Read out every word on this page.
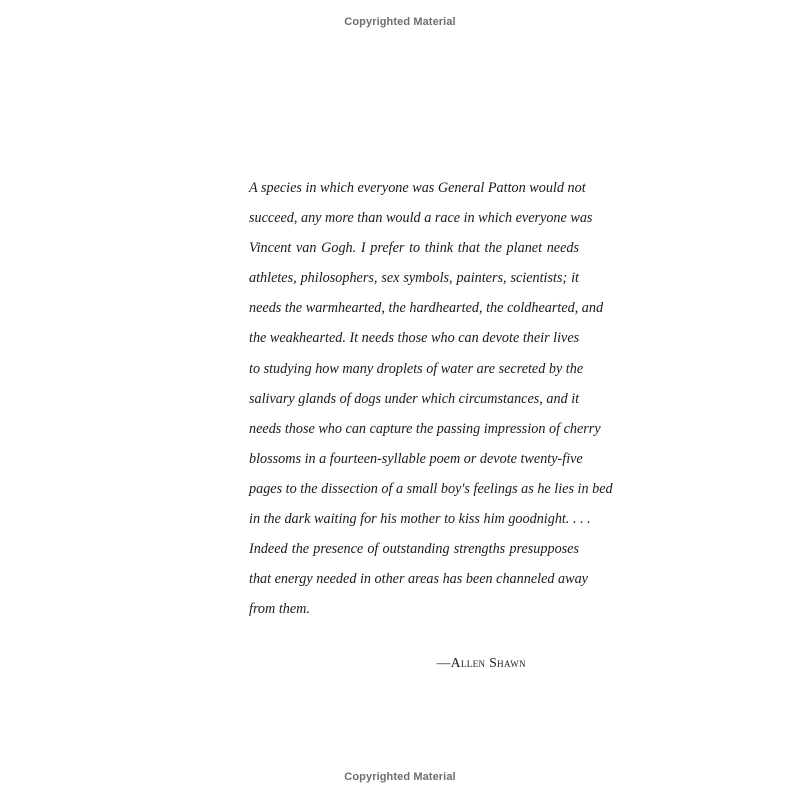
Copyrighted Material
A species in which everyone was General Patton would not
succeed, any more than would a race in which everyone was
Vincent van Gogh. I prefer to think that the planet needs
athletes, philosophers, sex symbols, painters, scientists; it
needs the warmhearted, the hardhearted, the coldhearted, and
the weakhearted. It needs those who can devote their lives
to studying how many droplets of water are secreted by the
salivary glands of dogs under which circumstances, and it
needs those who can capture the passing impression of cherry
blossoms in a fourteen-syllable poem or devote twenty-five
pages to the dissection of a small boy's feelings as he lies in bed
in the dark waiting for his mother to kiss him goodnight. . . .
Indeed the presence of outstanding strengths presupposes
that energy needed in other areas has been channeled away
from them.
—Allen Shawn
Copyrighted Material
